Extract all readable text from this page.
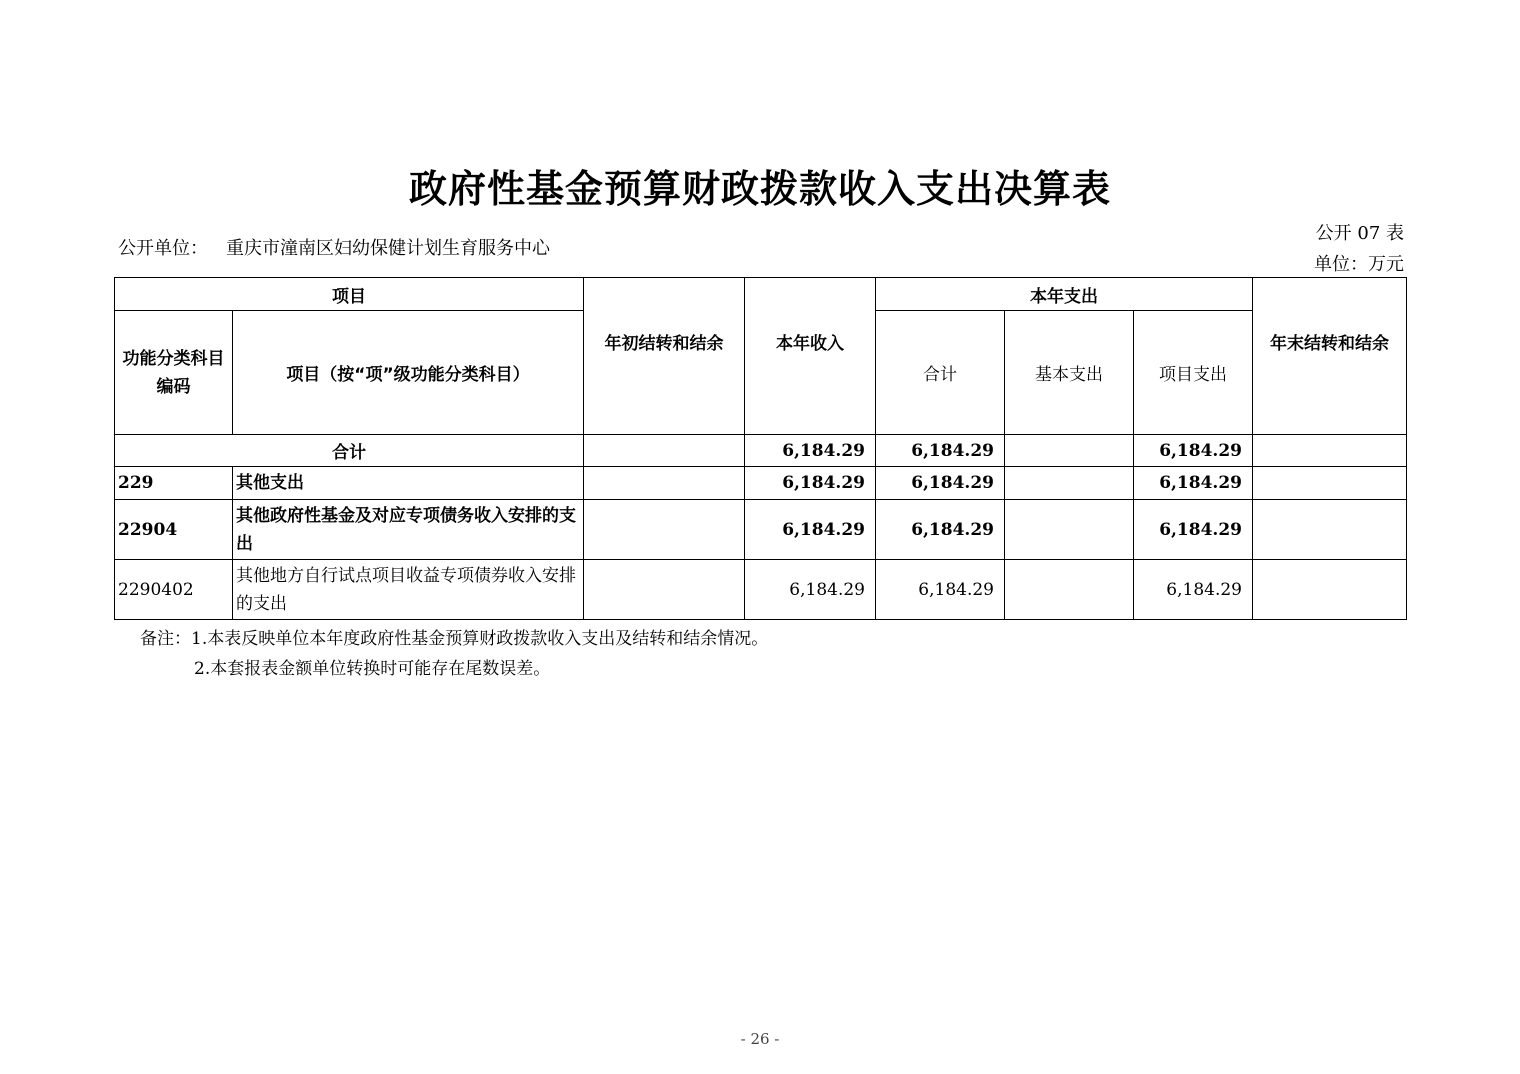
政府性基金预算财政拨款收入支出决算表
公开单位： 重庆市潼南区妇幼保健计划生育服务中心
公开 07 表
单位：万元
项目		年初结转和结余	本年收入	本年支出			年末结转和结余
功能分类科目编码	项目（按“项”级功能分类科目）			合计	基本支出	项目支出	
合计			6,184.29	6,184.29		6,184.29	
229	其他支出		6,184.29	6,184.29		6,184.29	
22904	其他政府性基金及对应专项债务收入安排的支出		6,184.29	6,184.29		6,184.29	
2290402	其他地方自行试点项目收益专项债券收入安排的支出		6,184.29	6,184.29		6,184.29	
备注：1.本表反映单位本年度政府性基金预算财政拨款收入支出及结转和结余情况。
2.本套报表金额单位转换时可能存在尾数误差。
- 26 -
